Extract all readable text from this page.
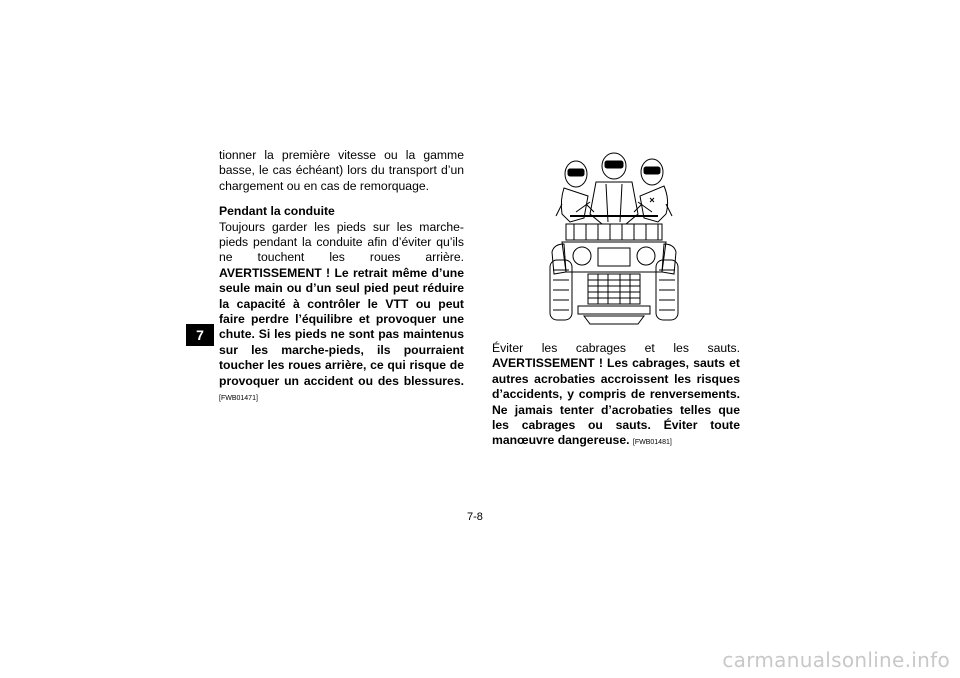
7

tionner la première vitesse ou la gamme basse, le cas échéant) lors du transport d’un chargement ou en cas de remorquage.

Pendant la conduite

Toujours garder les pieds sur les marche-pieds pendant la conduite afin d’éviter qu’ils ne touchent les roues arrière. AVERTISSEMENT ! Le retrait même d’une seule main ou d’un seul pied peut réduire la capacité à contrôler le VTT ou peut faire perdre l’équilibre et provoquer une chute. Si les pieds ne sont pas maintenus sur les marche-pieds, ils pourraient toucher les roues arrière, ce qui risque de provoquer un accident ou des blessures. [FWB01471]

Éviter les cabrages et les sauts. AVERTISSEMENT ! Les cabrages, sauts et autres acrobaties accroissent les risques d’accidents, y compris de renversements. Ne jamais tenter d’acrobaties telles que les cabrages ou sauts. Éviter toute manœuvre dangereuse. [FWB01481]

7-8
carmanualsonline.info
